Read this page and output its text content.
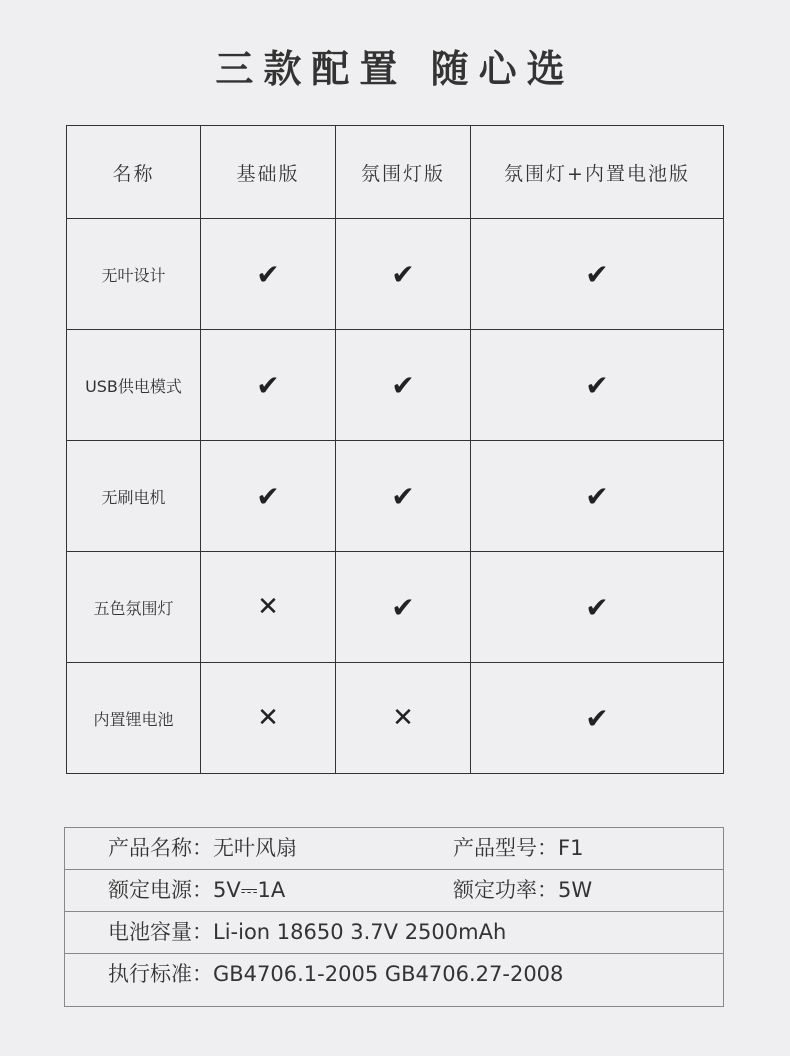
三款配置 随心选
名称	基础版	氛围灯版	氛围灯+内置电池版
无叶设计	✔	✔	✔
USB供电模式	✔	✔	✔
无刷电机	✔	✔	✔
五色氛围灯	✕	✔	✔
内置锂电池	✕	✕	✔
产品名称：无叶风扇	产品型号：F1
额定电源：5V⎓1A	额定功率：5W
电池容量：Li-ion 18650 3.7V 2500mAh
执行标准：GB4706.1-2005 GB4706.27-2008
